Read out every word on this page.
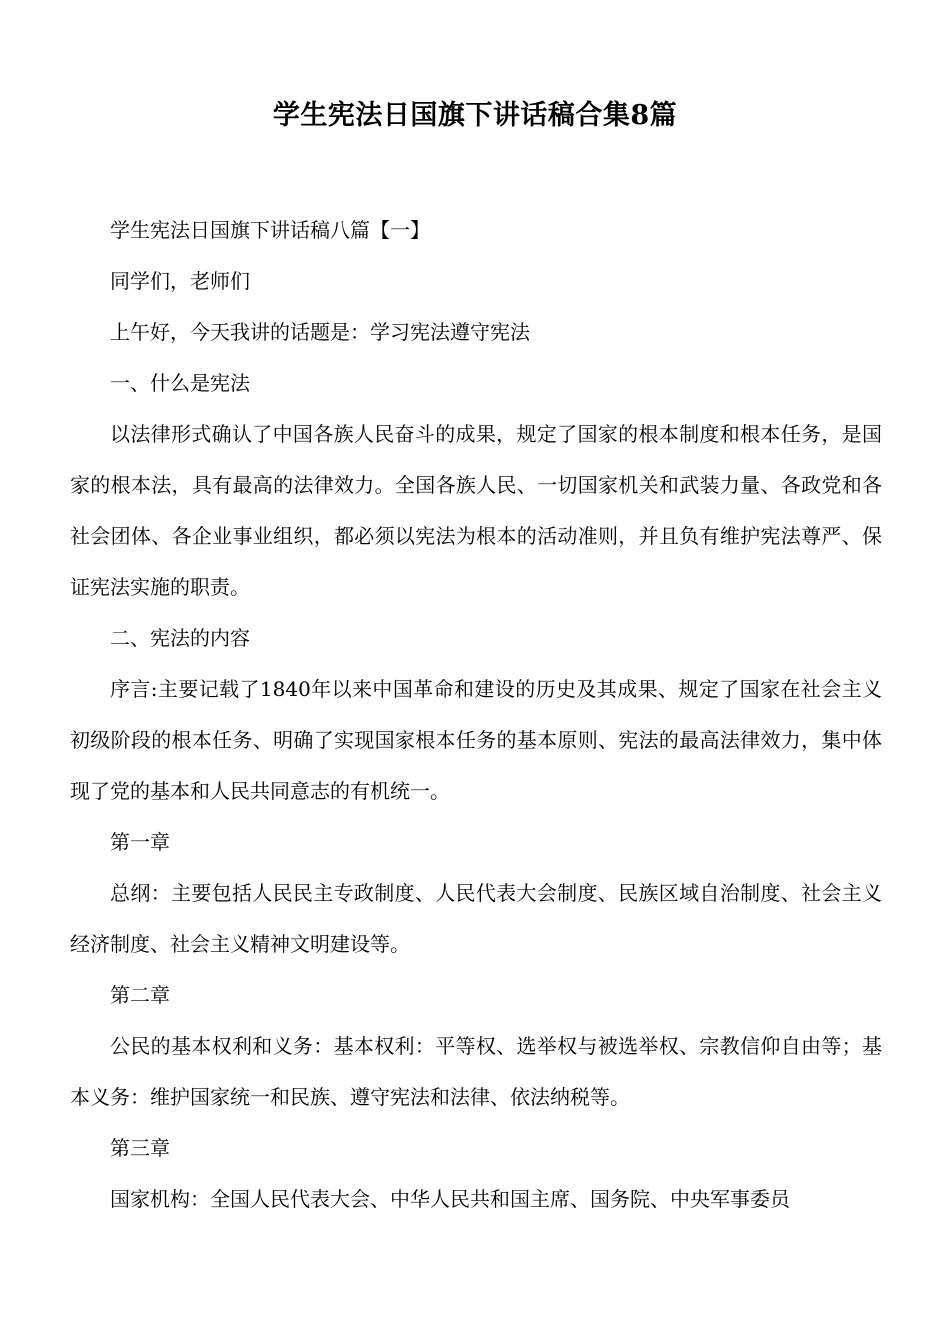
学生宪法日国旗下讲话稿合集8篇

学生宪法日国旗下讲话稿八篇【一】

同学们，老师们

上午好，今天我讲的话题是：学习宪法遵守宪法

一、什么是宪法

以法律形式确认了中国各族人民奋斗的成果，规定了国家的根本制度和根本任务，是国家的根本法，具有最高的法律效力。全国各族人民、一切国家机关和武装力量、各政党和各社会团体、各企业事业组织，都必须以宪法为根本的活动准则，并且负有维护宪法尊严、保证宪法实施的职责。

二、宪法的内容

序言:主要记载了1840年以来中国革命和建设的历史及其成果、规定了国家在社会主义初级阶段的根本任务、明确了实现国家根本任务的基本原则、宪法的最高法律效力，集中体现了党的基本和人民共同意志的有机统一。

第一章

总纲：主要包括人民民主专政制度、人民代表大会制度、民族区域自治制度、社会主义经济制度、社会主义精神文明建设等。

第二章

公民的基本权利和义务：基本权利：平等权、选举权与被选举权、宗教信仰自由等；基本义务：维护国家统一和民族、遵守宪法和法律、依法纳税等。

第三章

国家机构：全国人民代表大会、中华人民共和国主席、国务院、中央军事委员
